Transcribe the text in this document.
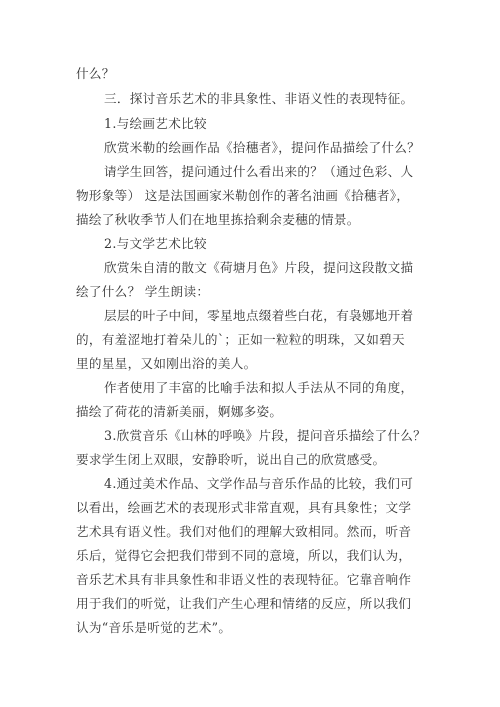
什么？
三．探讨音乐艺术的非具象性、非语义性的表现特征。
1.与绘画艺术比较
欣赏米勒的绘画作品《拾穗者》，提问作品描绘了什么？
请学生回答，提问通过什么看出来的？（通过色彩、人
物形象等） 这是法国画家米勒创作的著名油画《拾穗者》，
描绘了秋收季节人们在地里拣拾剩余麦穗的情景。
2.与文学艺术比较
欣赏朱自清的散文《荷塘月色》片段，提问这段散文描
绘了什么？ 学生朗读：
层层的叶子中间，零星地点缀着些白花，有袅娜地开着
的，有羞涩地打着朵儿的`；正如一粒粒的明珠，又如碧天
里的星星，又如刚出浴的美人。
作者使用了丰富的比喻手法和拟人手法从不同的角度，
描绘了荷花的清新美丽，婀娜多姿。
3.欣赏音乐《山林的呼唤》片段，提问音乐描绘了什么？
要求学生闭上双眼，安静聆听，说出自己的欣赏感受。
4.通过美术作品、文学作品与音乐作品的比较，我们可
以看出，绘画艺术的表现形式非常直观，具有具象性；文学
艺术具有语义性。我们对他们的理解大致相同。然而，听音
乐后，觉得它会把我们带到不同的意境，所以，我们认为，
音乐艺术具有非具象性和非语义性的表现特征。它靠音响作
用于我们的听觉，让我们产生心理和情绪的反应，所以我们
认为“音乐是听觉的艺术”。
